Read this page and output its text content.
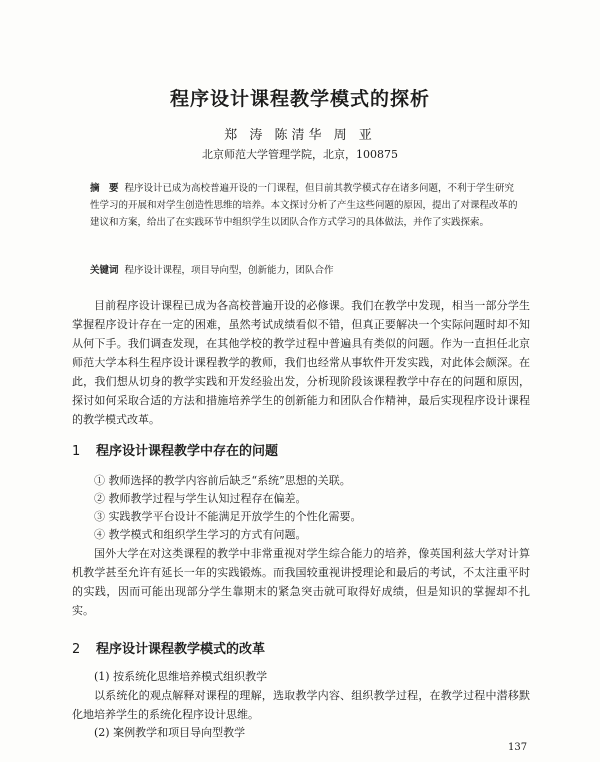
程序设计课程教学模式的探析
郑 涛 陈清华 周 亚
北京师范大学管理学院，北京，100875
摘　要 程序设计已成为高校普遍开设的一门课程，但目前其教学模式存在诸多问题，不利于学生研究性学习的开展和对学生创造性思维的培养。本文探讨分析了产生这些问题的原因，提出了对课程改革的建议和方案，给出了在实践环节中组织学生以团队合作方式学习的具体做法，并作了实践探索。
关键词 程序设计课程，项目导向型，创新能力，团队合作

目前程序设计课程已成为各高校普遍开设的必修课。我们在教学中发现，相当一部分学生掌握程序设计存在一定的困难，虽然考试成绩看似不错，但真正要解决一个实际问题时却不知从何下手。我们调查发现，在其他学校的教学过程中普遍具有类似的问题。作为一直担任北京师范大学本科生程序设计课程教学的教师，我们也经常从事软件开发实践，对此体会颇深。在此，我们想从切身的教学实践和开发经验出发，分析现阶段该课程教学中存在的问题和原因，探讨如何采取合适的方法和措施培养学生的创新能力和团队合作精神，最后实现程序设计课程的教学模式改革。

1 程序设计课程教学中存在的问题

① 教师选择的教学内容前后缺乏“系统”思想的关联。

② 教师教学过程与学生认知过程存在偏差。

③ 实践教学平台设计不能满足开放学生的个性化需要。

④ 教学模式和组织学生学习的方式有问题。

国外大学在对这类课程的教学中非常重视对学生综合能力的培养，像英国利兹大学对计算机教学甚至允许有延长一年的实践锻炼。而我国较重视讲授理论和最后的考试，不太注重平时的实践，因而可能出现部分学生靠期末的紧急突击就可取得好成绩，但是知识的掌握却不扎实。

2 程序设计课程教学模式的改革

(1) 按系统化思维培养模式组织教学

以系统化的观点解释对课程的理解，选取教学内容、组织教学过程，在教学过程中潜移默化地培养学生的系统化程序设计思维。

(2) 案例教学和项目导向型教学

137
